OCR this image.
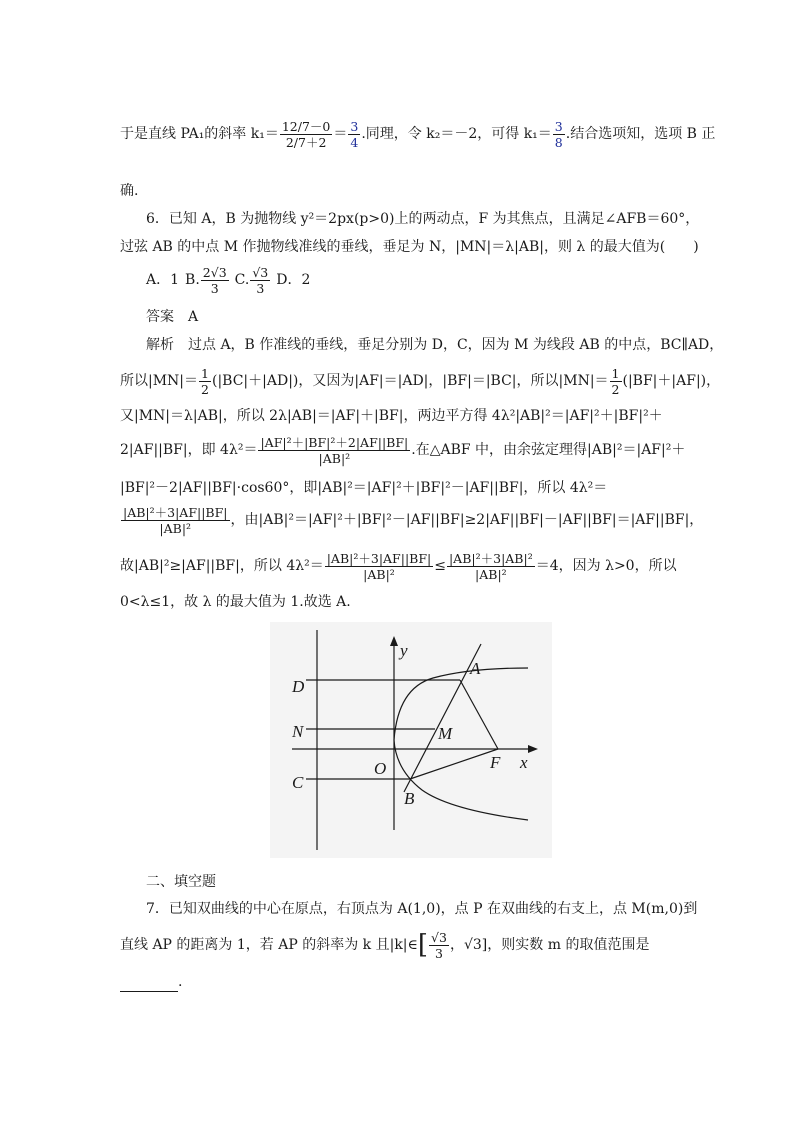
于是直线 PA₁的斜率 $k_1= \frac{12/7-0}{2/7+2} = \frac{3}{4}$ .同理，令 k₂＝－2，可得 $k_1= \frac{3}{8}$ .结合选项知，选项 B 正
确.
6．已知 A，B 为抛物线 y²＝2px(p>0)上的两动点，F 为其焦点，且满足∠AFB＝60°，
过弦 AB 的中点 M 作抛物线准线的垂线，垂足为 N，|MN|＝λ|AB|，则 λ 的最大值为(　　)
A．1 B. $\frac{2√3}{3} C$. $\frac{√3}{3}$ D．2
答案　A
解析　过点 A，B 作准线的垂线，垂足分别为 D，C，因为 M 为线段 AB 的中点，BC∥AD，
所以$|MN|= \frac{1}{2} (|BC|+|AD|)$，又因为|AF|＝|AD|，|BF|＝|BC|，所以$|MN|= \frac{1}{2} (|BF|+|AF|)$，
又|MN|＝λ|AB|，所以 2λ|AB|＝|AF|＋|BF|，两边平方得 4λ²|AB|²＝|AF|²＋|BF|²＋
2|AF||BF|，即 $4\lambda^2= \frac{\text{|AF|²＋|BF|²＋2|AF||BF|}}{\text{|AB|²}}$ .在△ABF 中，由余弦定理得|AB|²＝|AF|²＋
|BF|²－2|AF||BF|·cos60°，即|AB|²＝|AF|²＋|BF|²－|AF||BF|，所以 4λ²＝
$\frac{\text{|AB|²＋3|AF||BF|}}{\text{|AB|²}}$ ，由|AB|²＝|AF|²＋|BF|²－|AF||BF|≥2|AF||BF|－|AF||BF|＝|AF||BF|，
故|AB|²≥|AF||BF|，所以 $4\lambda^2= \frac{\text{|AB|²＋3|AF||BF|}}{\text{|AB|²}} \le \frac{\text{|AB|²＋3|AB|²}}{\text{|AB|²}} =4$，因为 λ>0，所以
0<λ≤1，故 λ 的最大值为 1.故选 A.
y
A
D
N	M
F x
O
C
B
二、填空题
7．已知双曲线的中心在原点，右顶点为 A(1,0)，点 P 在双曲线的右支上，点 M(m,0)到
直线 AP 的距离为 1，若 AP 的斜率为 k 且|k|∈ [ $\frac{√3}{3}$ ，√3] ，则实数 m 的取值范围是
.
